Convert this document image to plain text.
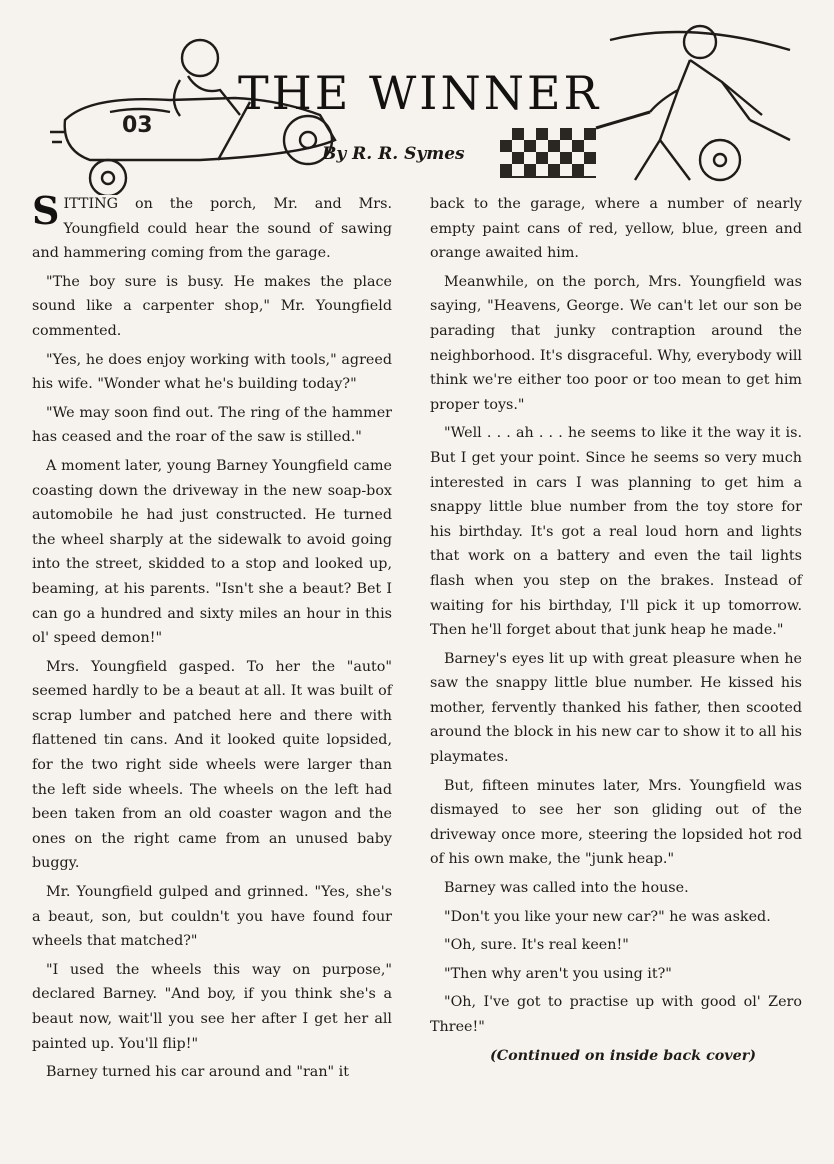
03
THE WINNER
By R. R. Symes

SITTING on the porch, Mr. and Mrs. Youngfield could hear the sound of sawing and hammering coming from the garage.

"The boy sure is busy. He makes the place sound like a carpenter shop," Mr. Youngfield commented.

"Yes, he does enjoy working with tools," agreed his wife. "Wonder what he's building today?"

"We may soon find out. The ring of the hammer has ceased and the roar of the saw is stilled."

A moment later, young Barney Youngfield came coasting down the driveway in the new soap-box automobile he had just constructed. He turned the wheel sharply at the sidewalk to avoid going into the street, skidded to a stop and looked up, beaming, at his parents. "Isn't she a beaut? Bet I can go a hundred and sixty miles an hour in this ol' speed demon!"

Mrs. Youngfield gasped. To her the "auto" seemed hardly to be a beaut at all. It was built of scrap lumber and patched here and there with flattened tin cans. And it looked quite lopsided, for the two right side wheels were larger than the left side wheels. The wheels on the left had been taken from an old coaster wagon and the ones on the right came from an unused baby buggy.

Mr. Youngfield gulped and grinned. "Yes, she's a beaut, son, but couldn't you have found four wheels that matched?"

"I used the wheels this way on purpose," declared Barney. "And boy, if you think she's a beaut now, wait'll you see her after I get her all painted up. You'll flip!"

Barney turned his car around and "ran" it

back to the garage, where a number of nearly empty paint cans of red, yellow, blue, green and orange awaited him.

Meanwhile, on the porch, Mrs. Youngfield was saying, "Heavens, George. We can't let our son be parading that junky contraption around the neighborhood. It's disgraceful. Why, everybody will think we're either too poor or too mean to get him proper toys."

"Well . . . ah . . . he seems to like it the way it is. But I get your point. Since he seems so very much interested in cars I was planning to get him a snappy little blue number from the toy store for his birthday. It's got a real loud horn and lights that work on a battery and even the tail lights flash when you step on the brakes. Instead of waiting for his birthday, I'll pick it up tomorrow. Then he'll forget about that junk heap he made."

Barney's eyes lit up with great pleasure when he saw the snappy little blue number. He kissed his mother, fervently thanked his father, then scooted around the block in his new car to show it to all his playmates.

But, fifteen minutes later, Mrs. Youngfield was dismayed to see her son gliding out of the driveway once more, steering the lopsided hot rod of his own make, the "junk heap."

Barney was called into the house.

"Don't you like your new car?" he was asked.

"Oh, sure. It's real keen!"

"Then why aren't you using it?"

"Oh, I've got to practise up with good ol' Zero Three!"

(Continued on inside back cover)
